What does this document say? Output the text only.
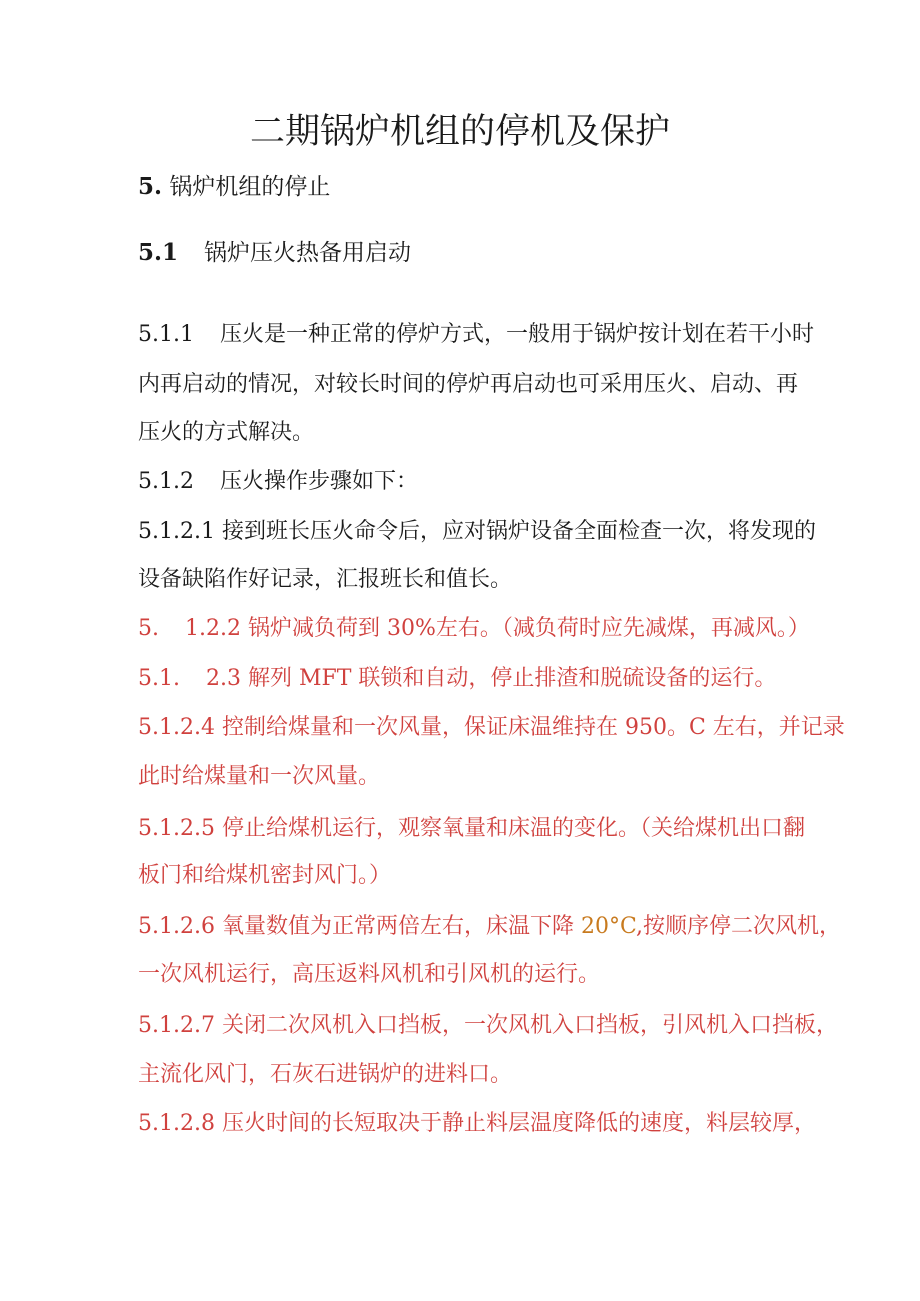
二期锅炉机组的停机及保护

5. 锅炉机组的停止

5.1 锅炉压火热备用启动

5.1.1 压火是一种正常的停炉方式，一般用于锅炉按计划在若干小时

内再启动的情况，对较长时间的停炉再启动也可采用压火、启动、再

压火的方式解决。

5.1.2 压火操作步骤如下：

5.1.2.1 接到班长压火命令后，应对锅炉设备全面检查一次，将发现的

设备缺陷作好记录，汇报班长和值长。

5. 1.2.2 锅炉减负荷到 30%左右。（减负荷时应先减煤，再减风。）

5.1. 2.3 解列 MFT 联锁和自动，停止排渣和脱硫设备的运行。

5.1.2.4 控制给煤量和一次风量，保证床温维持在 950。C 左右，并记录

此时给煤量和一次风量。

5.1.2.5 停止给煤机运行，观察氧量和床温的变化。（关给煤机出口翻

板门和给煤机密封风门。）

5.1.2.6 氧量数值为正常两倍左右，床温下降 20°C,按顺序停二次风机，

一次风机运行，高压返料风机和引风机的运行。

5.1.2.7 关闭二次风机入口挡板，一次风机入口挡板，引风机入口挡板，

主流化风门，石灰石进锅炉的进料口。

5.1.2.8 压火时间的长短取决于静止料层温度降低的速度，料层较厚，
